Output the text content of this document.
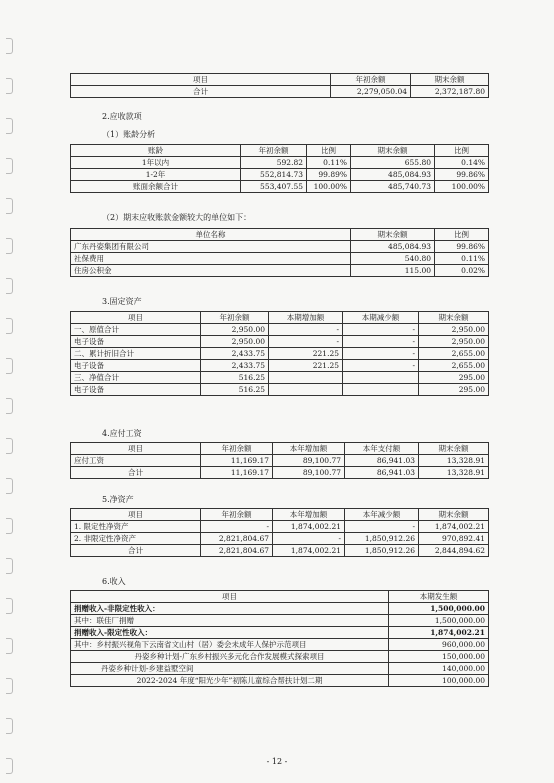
项目	年初余额	期末余额
合计	2,279,050.04	2,372,187.80
2.应收款项
（1）账龄分析
账龄	年初余额	比例	期末余额	比例
1年以内	592.82	0.11%	655.80	0.14%
1-2年	552,814.73	99.89%	485,084.93	99.86%
账面余额合计	553,407.55	100.00%	485,740.73	100.00%
（2）期末应收账款金额较大的单位如下：
单位名称	期末余额	比例
广东丹姿集团有限公司	485,084.93	99.86%
社保费用	540.80	0.11%
住房公积金	115.00	0.02%
3.固定资产
项目	年初余额	本期增加额	本期减少额	期末余额
一、原值合计	2,950.00	-	-	2,950.00
电子设备	2,950.00	-	-	2,950.00
二、累计折旧合计	2,433.75	221.25	-	2,655.00
电子设备	2,433.75	221.25	-	2,655.00
三、净值合计	516.25			295.00
电子设备	516.25			295.00
4.应付工资
项目	年初余额	本年增加额	本年支付额	期末余额
应付工资	11,169.17	89,100.77	86,941.03	13,328.91
合计	11,169.17	89,100.77	86,941.03	13,328.91
5.净资产
项目	年初余额	本年增加额	本年减少额	期末余额
1. 限定性净资产	-	1,874,002.21	-	1,874,002.21
2. 非限定性净资产	2,821,804.67	-	1,850,912.26	970,892.41
合计	2,821,804.67	1,874,002.21	1,850,912.26	2,844,894.62
6.收入
项目	本期发生额
捐赠收入-非限定性收入：	1,500,000.00
其中：联佳厂捐赠	1,500,000.00
捐赠收入-限定性收入：	1,874,002.21
其中：乡村振兴视角下云南省文山村（居）委会未成年人保护示范项目	960,000.00
丹姿乡种计划-广东乡村振兴多元化合作发展模式探索项目	150,000.00
丹姿乡种计划-乡建益墅空间	140,000.00
2022-2024 年度“阳光少年”初陈儿童综合帮扶计划二期	100,000.00
- 12 -
